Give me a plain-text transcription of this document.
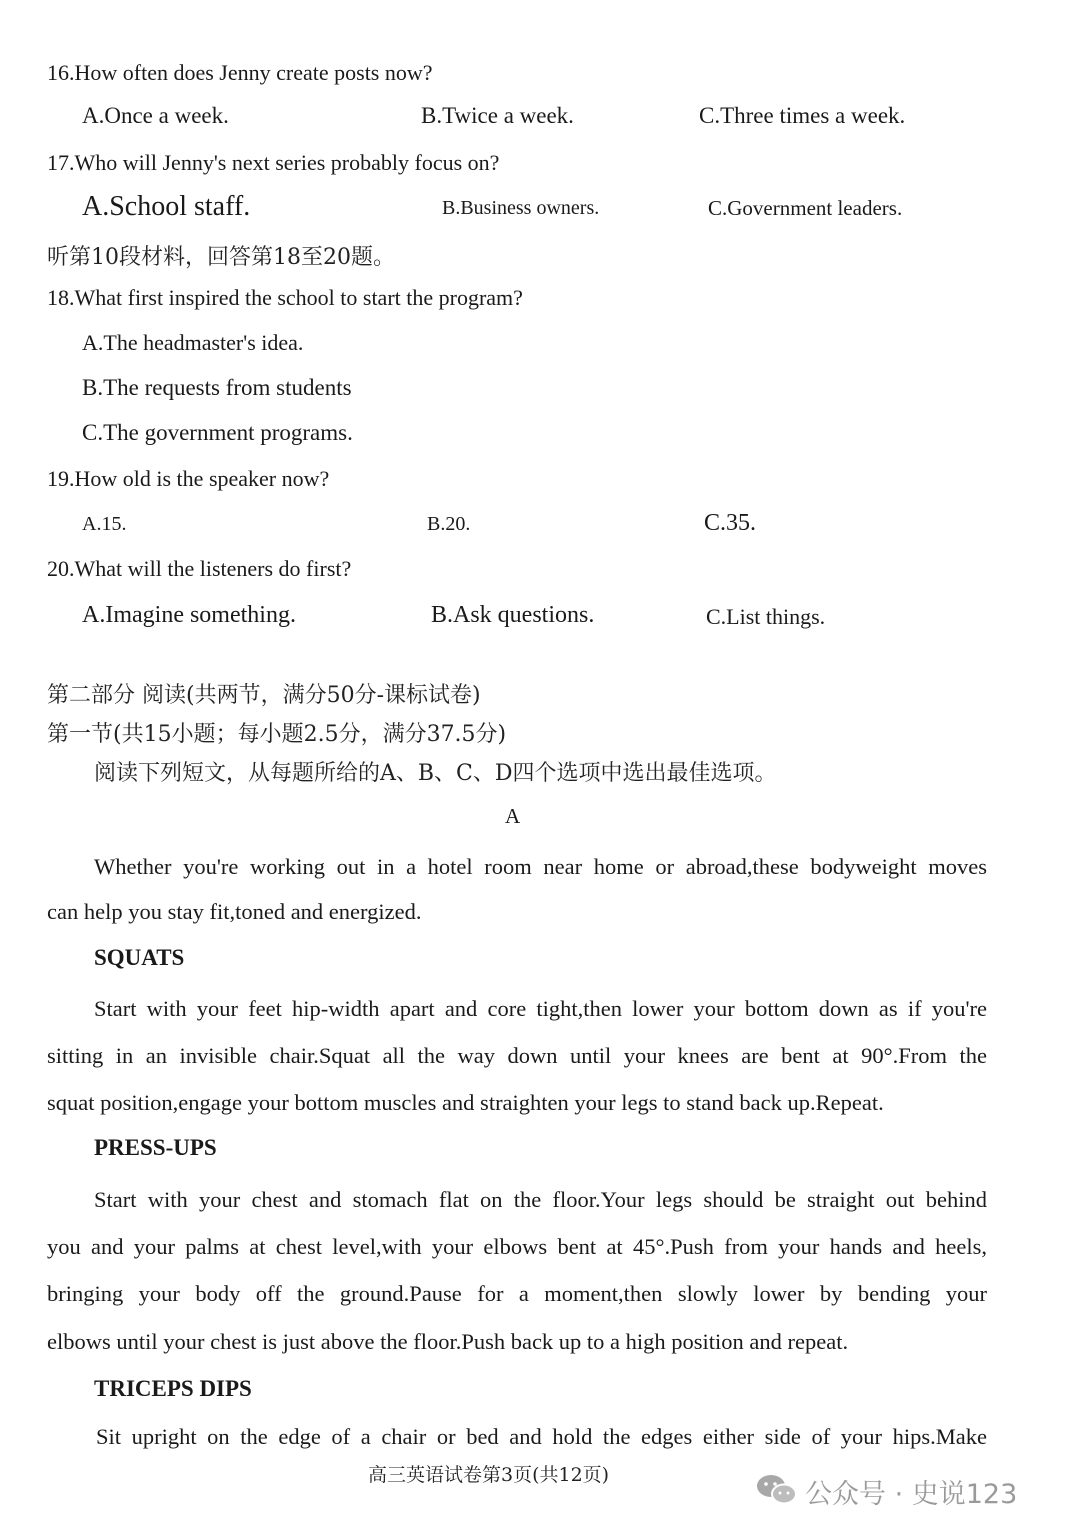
16.How often does Jenny create posts now?
A.Once a week.	B.Twice a week.	C.Three times a week.
17.Who will Jenny's next series probably focus on?
A.School staff.	B.Business owners.	C.Government leaders.
听第10段材料，回答第18至20题。
18.What first inspired the school to start the program?
A.The headmaster's idea.
B.The requests from students
C.The government programs.
19.How old is the speaker now?
A.15.	B.20.	C.35.
20.What will the listeners do first?
A.Imagine something.	B.Ask questions.	C.List things.
第二部分 阅读(共两节，满分50分-课标试卷)
第一节(共15小题；每小题2.5分，满分37.5分)
阅读下列短文，从每题所给的A、B、C、D四个选项中选出最佳选项。
A
Whether you're working out in a hotel room near home or abroad,these bodyweight moves
can help you stay fit,toned and energized.
SQUATS
Start with your feet hip-width apart and core tight,then lower your bottom down as if you're
sitting in an invisible chair.Squat all the way down until your knees are bent at 90°.From the
squat position,engage your bottom muscles and straighten your legs to stand back up.Repeat.
PRESS-UPS
Start with your chest and stomach flat on the floor.Your legs should be straight out behind
you and your palms at chest level,with your elbows bent at 45°.Push from your hands and heels,
bringing your body off the ground.Pause for a moment,then slowly lower by bending your
elbows until your chest is just above the floor.Push back up to a high position and repeat.
TRICEPS DIPS
Sit upright on the edge of a chair or bed and hold the edges either side of your hips.Make
高三英语试卷第3页(共12页)
公众号 · 史说123
